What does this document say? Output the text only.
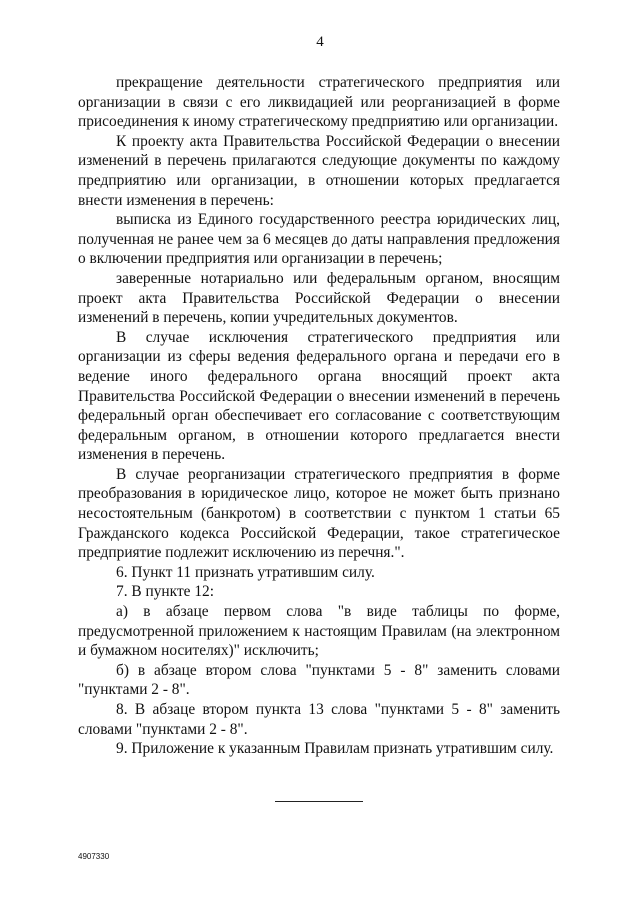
4

прекращение деятельности стратегического предприятия или организации в связи с его ликвидацией или реорганизацией в форме присоединения к иному стратегическому предприятию или организации.

К проекту акта Правительства Российской Федерации о внесении изменений в перечень прилагаются следующие документы по каждому предприятию или организации, в отношении которых предлагается внести изменения в перечень:

выписка из Единого государственного реестра юридических лиц, полученная не ранее чем за 6 месяцев до даты направления предложения о включении предприятия или организации в перечень;

заверенные нотариально или федеральным органом, вносящим проект акта Правительства Российской Федерации о внесении изменений в перечень, копии учредительных документов.

В случае исключения стратегического предприятия или организации из сферы ведения федерального органа и передачи его в ведение иного федерального органа вносящий проект акта Правительства Российской Федерации о внесении изменений в перечень федеральный орган обеспечивает его согласование с соответствующим федеральным органом, в отношении которого предлагается внести изменения в перечень.

В случае реорганизации стратегического предприятия в форме преобразования в юридическое лицо, которое не может быть признано несостоятельным (банкротом) в соответствии с пунктом 1 статьи 65 Гражданского кодекса Российской Федерации, такое стратегическое предприятие подлежит исключению из перечня.".

6. Пункт 11 признать утратившим силу.

7. В пункте 12:

а) в абзаце первом слова "в виде таблицы по форме, предусмотренной приложением к настоящим Правилам (на электронном и бумажном носителях)" исключить;

б) в абзаце втором слова "пунктами 5 - 8" заменить словами "пунктами 2 - 8".

8. В абзаце втором пункта 13 слова "пунктами 5 - 8" заменить словами "пунктами 2 - 8".

9. Приложение к указанным Правилам признать утратившим силу.

4907330
